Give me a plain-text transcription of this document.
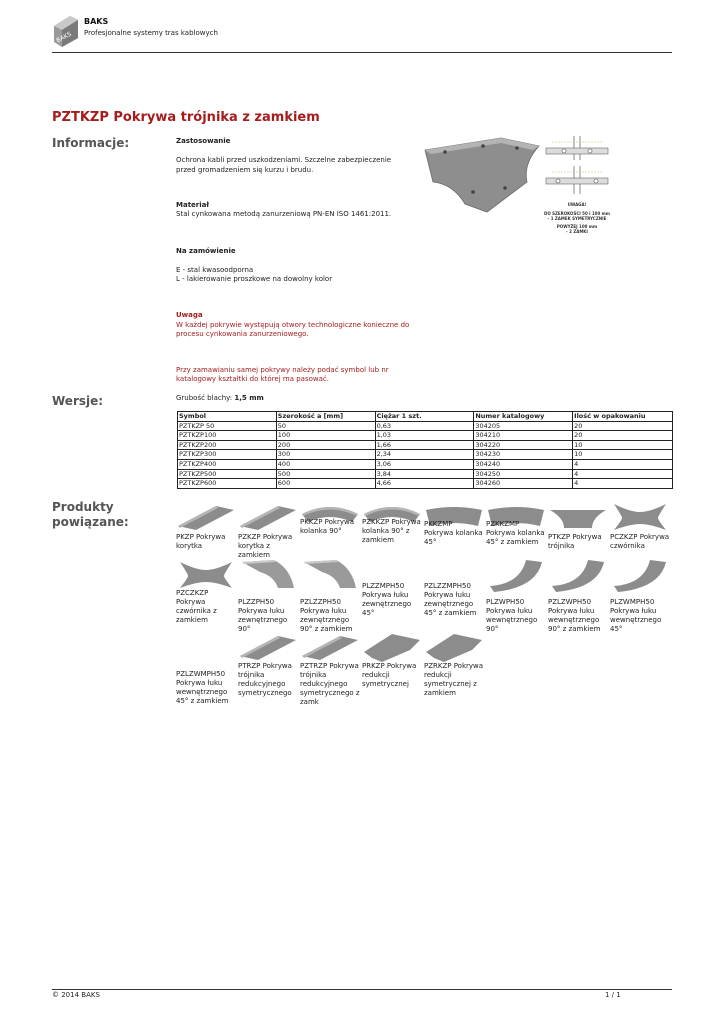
BAKS
BAKS
Profesjonalne systemy tras kablowych
PZTKZP Pokrywa trójnika z zamkiem
Informacje:	Zastosowanie
Ochrona kabli przed uszkodzeniami. Szczelne zabezpieczenie
przed gromadzeniem się kurzu i brudu.
Materiał
Stal cynkowana metodą zanurzeniową PN-EN ISO 1461:2011.
Na zamówienie
E - stal kwasoodporna
L - lakierowanie proszkowe na dowolny kolor
Uwaga
W każdej pokrywie występują otwory technologiczne konieczne do
procesu cynkowania zanurzeniowego.
Przy zamawianiu samej pokrywy należy podać symbol lub nr
katalogowy kształtki do której ma pasować.
UWAGA!
DO SZEROKOŚCI 50 i 100 mm
- 1 ZAMEK SYMETRYCZNIE
POWYŻEJ 100 mm
- 2 ZAMKI
Wersje:	Grubość blachy: 1,5 mm
Symbol	Szerokość a [mm]	Ciężar 1 szt.	Numer katalogowy	Ilość w opakowaniu
PZTKZP 50	50	0,63	304205	20
PZTKZP100	100	1,03	304210	20
PZTKZP200	200	1,66	304220	10
PZTKZP300	300	2,34	304230	10
PZTKZP400	400	3,06	304240	4
PZTKZP500	500	3,84	304250	4
PZTKZP600	600	4,66	304260	4
Produkty
powiązane:
PKZP Pokrywa korytka
PZKZP Pokrywa korytka z zamkiem
PKKZP Pokrywa kolanka 90°
PZKKZP Pokrywa kolanka 90° z zamkiem
PKKZMP Pokrywa kolanka 45°
PZKKZMP Pokrywa kolanka 45° z zamkiem
PTKZP Pokrywa trójnika
PCZKZP Pokrywa czwórnika
PZCZKZP Pokrywa czwórnika z zamkiem
PLZZPH50 Pokrywa łuku zewnętrznego 90°
PZLZZPH50 Pokrywa łuku zewnętrznego 90° z zamkiem
PLZZMPH50 Pokrywa łuku zewnętrznego 45°
PZLZZMPH50 Pokrywa łuku zewnętrznego 45° z zamkiem
PLZWPH50 Pokrywa łuku wewnętrznego 90°
PZLZWPH50 Pokrywa łuku wewnętrznego 90° z zamkiem
PLZWMPH50 Pokrywa łuku wewnętrznego 45°
PZLZWMPH50 Pokrywa łuku wewnętrznego 45° z zamkiem
PTRZP Pokrywa trójnika redukcyjnego symetrycznego
PZTRZP Pokrywa trójnika redukcyjnego symetrycznego z zamk
PRKZP Pokrywa redukcji symetrycznej
PZRKZP Pokrywa redukcji symetrycznej z zamkiem
© 2014 BAKS	1 / 1
